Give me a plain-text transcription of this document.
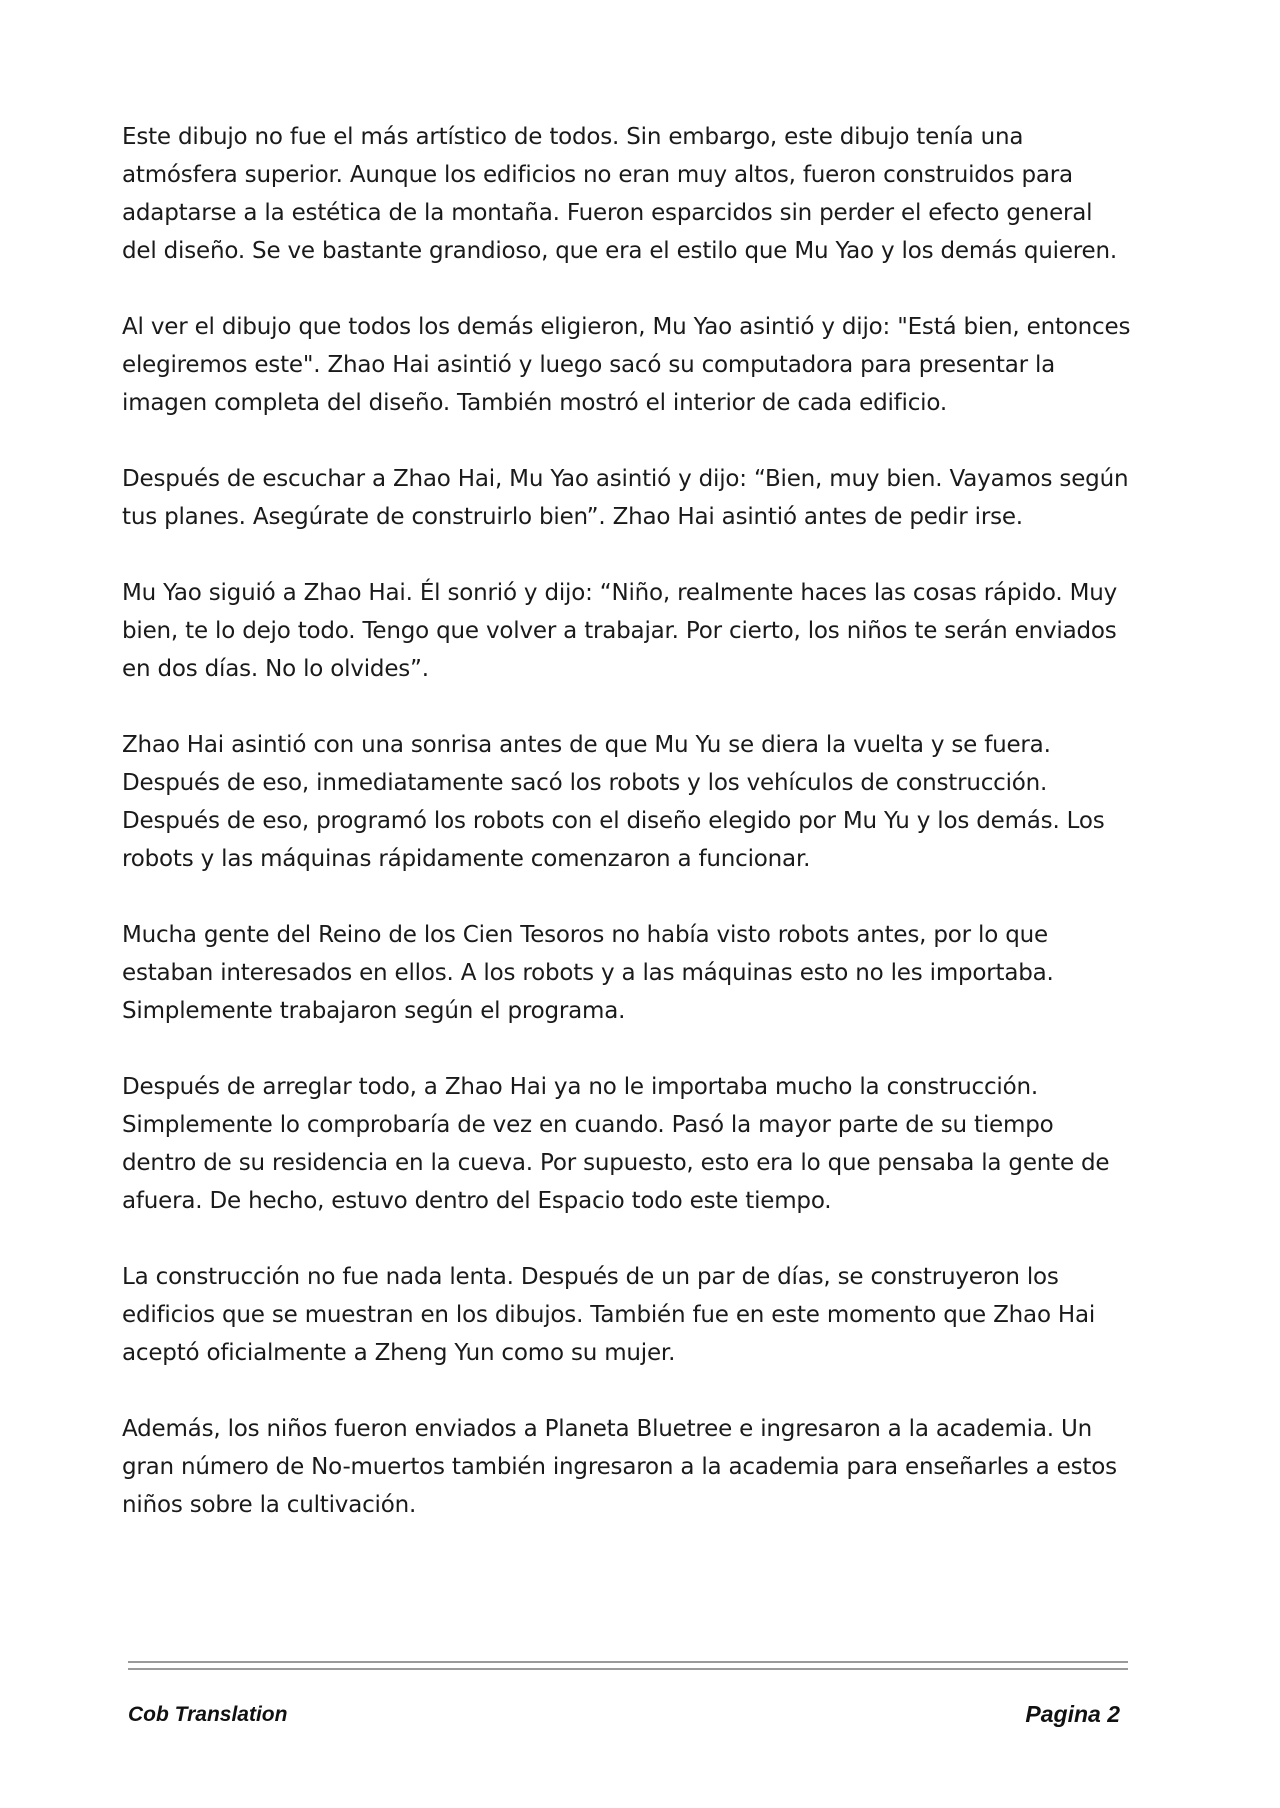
Este dibujo no fue el más artístico de todos. Sin embargo, este dibujo tenía una atmósfera superior. Aunque los edificios no eran muy altos, fueron construidos para adaptarse a la estética de la montaña. Fueron esparcidos sin perder el efecto general del diseño. Se ve bastante grandioso, que era el estilo que Mu Yao y los demás quieren.

Al ver el dibujo que todos los demás eligieron, Mu Yao asintió y dijo: "Está bien, entonces elegiremos este". Zhao Hai asintió y luego sacó su computadora para presentar la imagen completa del diseño. También mostró el interior de cada edificio.

Después de escuchar a Zhao Hai, Mu Yao asintió y dijo: “Bien, muy bien. Vayamos según tus planes. Asegúrate de construirlo bien”. Zhao Hai asintió antes de pedir irse.

Mu Yao siguió a Zhao Hai. Él sonrió y dijo: “Niño, realmente haces las cosas rápido. Muy bien, te lo dejo todo. Tengo que volver a trabajar. Por cierto, los niños te serán enviados en dos días. No lo olvides”.

Zhao Hai asintió con una sonrisa antes de que Mu Yu se diera la vuelta y se fuera. Después de eso, inmediatamente sacó los robots y los vehículos de construcción. Después de eso, programó los robots con el diseño elegido por Mu Yu y los demás. Los robots y las máquinas rápidamente comenzaron a funcionar.

Mucha gente del Reino de los Cien Tesoros no había visto robots antes, por lo que estaban interesados en ellos. A los robots y a las máquinas esto no les importaba. Simplemente trabajaron según el programa.

Después de arreglar todo, a Zhao Hai ya no le importaba mucho la construcción. Simplemente lo comprobaría de vez en cuando. Pasó la mayor parte de su tiempo dentro de su residencia en la cueva. Por supuesto, esto era lo que pensaba la gente de afuera. De hecho, estuvo dentro del Espacio todo este tiempo.

La construcción no fue nada lenta. Después de un par de días, se construyeron los edificios que se muestran en los dibujos. También fue en este momento que Zhao Hai aceptó oficialmente a Zheng Yun como su mujer.

Además, los niños fueron enviados a Planeta Bluetree e ingresaron a la academia. Un gran número de No-muertos también ingresaron a la academia para enseñarles a estos niños sobre la cultivación.

Cob Translation	Pagina 2
